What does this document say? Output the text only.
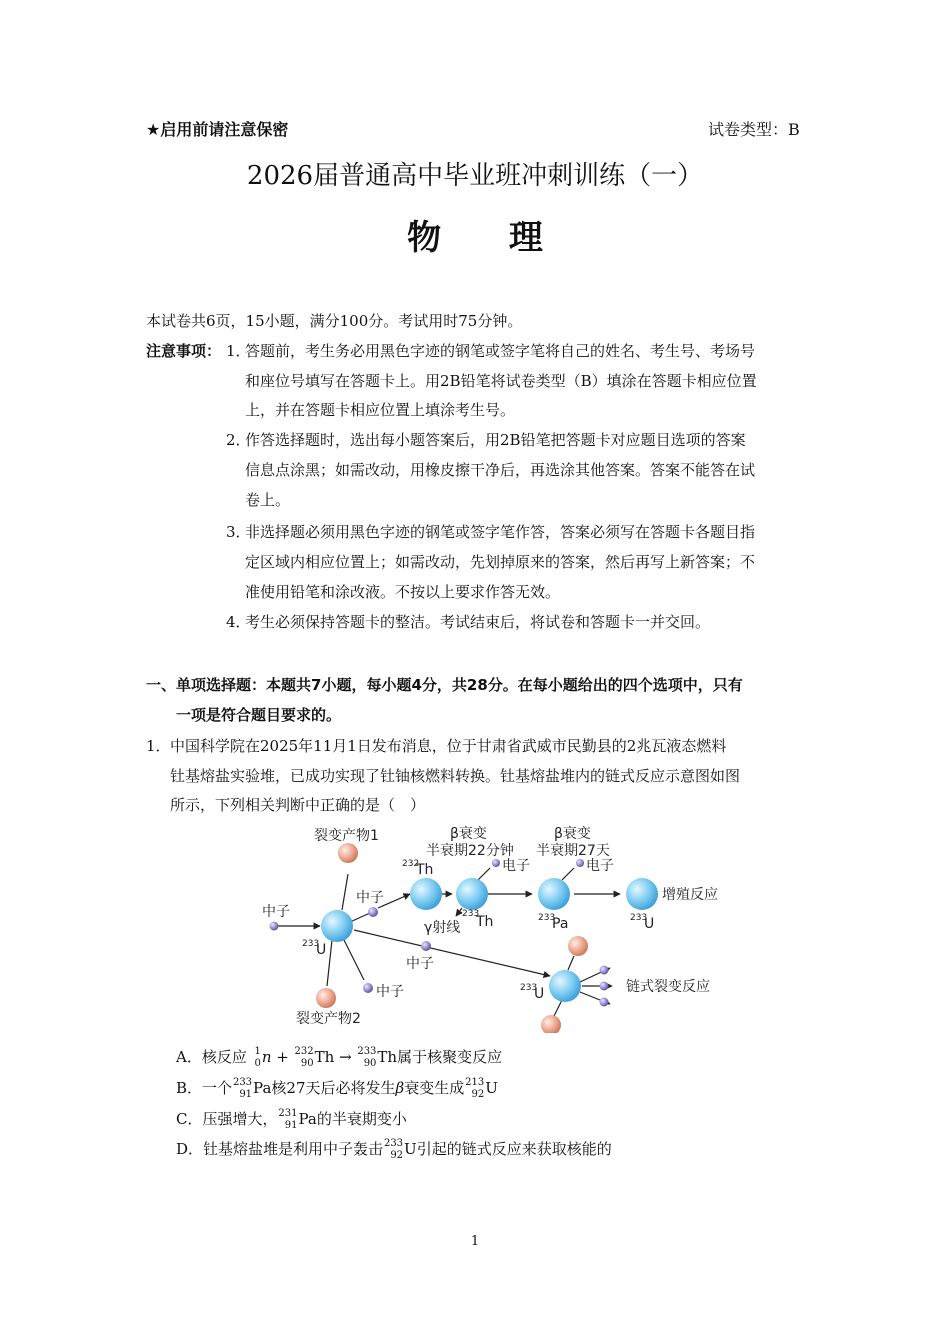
★启用前请注意保密	试卷类型：B
2026届普通高中毕业班冲刺训练（一）
物 理
本试卷共6页，15小题，满分100分。考试用时75分钟。
注意事项： 1．
答题前，考生务必用黑色字迹的钢笔或签字笔将自己的姓名、考生号、考场号
和座位号填写在答题卡上。用2B铅笔将试卷类型（B）填涂在答题卡相应位置
上，并在答题卡相应位置上填涂考生号。
2．
作答选择题时，选出每小题答案后，用2B铅笔把答题卡对应题目选项的答案
信息点涂黑；如需改动，用橡皮擦干净后，再选涂其他答案。答案不能答在试
卷上。
3．
非选择题必须用黑色字迹的钢笔或签字笔作答，答案必须写在答题卡各题目指
定区域内相应位置上；如需改动，先划掉原来的答案，然后再写上新答案；不
准使用铅笔和涂改液。不按以上要求作答无效。
4．
考生必须保持答题卡的整洁。考试结束后，将试卷和答题卡一并交回。
一、单项选择题：本题共7小题，每小题4分，共28分。在每小题给出的四个选项中，只有
一项是符合题目要求的。
1． 中国科学院在2025年11月1日发布消息，位于甘肃省武威市民勤县的2兆瓦液态燃料
钍基熔盐实验堆，已成功实现了钍铀核燃料转换。钍基熔盐堆内的链式反应示意图如图
所示，下列相关判断中正确的是（　）
裂变产物1
中子
中子
β衰变
半衰期22分钟
β衰变
半衰期27天
电子	电子
γ射线
中子
中子
裂变产物2
增殖反应
链式裂变反应
233
U
232
Th
233
Th	233
Pa	233
U
233
U
A．核反应 1
0 n + 232
90 Th → 233
90 Th属于核聚变反应
B．一个 233
91 Pa核27天后必将发生β衰变生成 213
92 U
C．压强增大， 231
91 Pa的半衰期变小
D．钍基熔盐堆是利用中子轰击 233
92 U引起的链式反应来获取核能的
1
